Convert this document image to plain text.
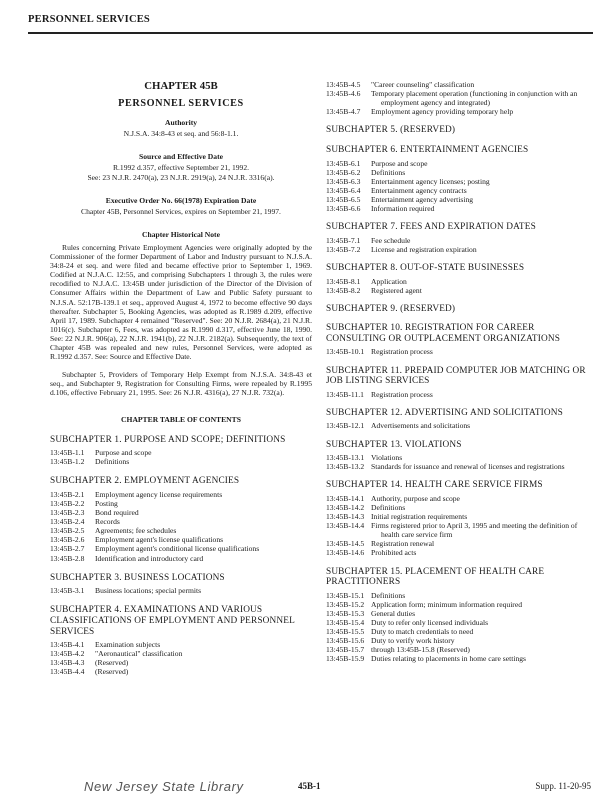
PERSONNEL SERVICES
CHAPTER 45B
PERSONNEL SERVICES
Authority
N.J.S.A. 34:8-43 et seq. and 56:8-1.1.
Source and Effective Date
R.1992 d.357, effective September 21, 1992.
See: 23 N.J.R. 2470(a), 23 N.J.R. 2919(a), 24 N.J.R. 3316(a).
Executive Order No. 66(1978) Expiration Date
Chapter 45B, Personnel Services, expires on September 21, 1997.
Chapter Historical Note

Rules concerning Private Employment Agencies were originally adopted by the Commissioner of the former Department of Labor and Industry pursuant to N.J.S.A. 34:8-24 et seq. and were filed and became effective prior to September 1, 1969. Codified at N.J.A.C. 12:55, and comprising Subchapters 1 through 3, the rules were recodified to N.J.A.C. 13:45B under jurisdiction of the Director of the Division of Consumer Affairs within the Department of Law and Public Safety pursuant to N.J.S.A. 52:17B-139.1 et seq., approved August 4, 1972 to become effective 90 days thereafter. Subchapter 5, Booking Agencies, was adopted as R.1989 d.209, effective April 17, 1989. Subchapter 4 remained "Reserved". See: 20 N.J.R. 2684(a), 21 N.J.R. 1016(c). Subchapter 6, Fees, was adopted as R.1990 d.317, effective June 18, 1990. See: 22 N.J.R. 906(a), 22 N.J.R. 1941(b), 22 N.J.R. 2182(a). Subsequently, the text of Chapter 45B was repealed and new rules, Personnel Services, were adopted as R.1992 d.357. See: Source and Effective Date.

Subchapter 5, Providers of Temporary Help Exempt from N.J.S.A. 34:8-43 et seq., and Subchapter 9, Registration for Consulting Firms, were repealed by R.1995 d.106, effective February 21, 1995. See: 26 N.J.R. 4316(a), 27 N.J.R. 732(a).

CHAPTER TABLE OF CONTENTS
SUBCHAPTER 1. PURPOSE AND SCOPE; DEFINITIONS
13:45B-1.1	Purpose and scope
13:45B-1.2	Definitions
SUBCHAPTER 2. EMPLOYMENT AGENCIES
13:45B-2.1	Employment agency license requirements
13:45B-2.2	Posting
13:45B-2.3	Bond required
13:45B-2.4	Records
13:45B-2.5	Agreements; fee schedules
13:45B-2.6	Employment agent's license qualifications
13:45B-2.7	Employment agent's conditional license qualifications
13:45B-2.8	Identification and introductory card
SUBCHAPTER 3. BUSINESS LOCATIONS
13:45B-3.1	Business locations; special permits
SUBCHAPTER 4. EXAMINATIONS AND VARIOUS CLASSIFICATIONS OF EMPLOYMENT AND PERSONNEL SERVICES
13:45B-4.1	Examination subjects
13:45B-4.2	"Aeronautical" classification
13:45B-4.3	(Reserved)
13:45B-4.4	(Reserved)
13:45B-4.5	"Career counseling" classification
13:45B-4.6	Temporary placement operation (functioning in conjunction with an employment agency and integrated)
13:45B-4.7	Employment agency providing temporary help
SUBCHAPTER 5. (RESERVED)
SUBCHAPTER 6. ENTERTAINMENT AGENCIES
13:45B-6.1	Purpose and scope
13:45B-6.2	Definitions
13:45B-6.3	Entertainment agency licenses; posting
13:45B-6.4	Entertainment agency contracts
13:45B-6.5	Entertainment agency advertising
13:45B-6.6	Information required
SUBCHAPTER 7. FEES AND EXPIRATION DATES
13:45B-7.1	Fee schedule
13:45B-7.2	License and registration expiration
SUBCHAPTER 8. OUT-OF-STATE BUSINESSES
13:45B-8.1	Application
13:45B-8.2	Registered agent
SUBCHAPTER 9. (RESERVED)
SUBCHAPTER 10. REGISTRATION FOR CAREER CONSULTING OR OUTPLACEMENT ORGANIZATIONS
13:45B-10.1 Registration process
SUBCHAPTER 11. PREPAID COMPUTER JOB MATCHING OR JOB LISTING SERVICES
13:45B-11.1 Registration process
SUBCHAPTER 12. ADVERTISING AND SOLICITATIONS
13:45B-12.1 Advertisements and solicitations
SUBCHAPTER 13. VIOLATIONS
13:45B-13.1 Violations
13:45B-13.2 Standards for issuance and renewal of licenses and registrations
SUBCHAPTER 14. HEALTH CARE SERVICE FIRMS
13:45B-14.1 Authority, purpose and scope
13:45B-14.2 Definitions
13:45B-14.3 Initial registration requirements
13:45B-14.4 Firms registered prior to April 3, 1995 and meeting the definition of health care service firm
13:45B-14.5 Registration renewal
13:45B-14.6 Prohibited acts
SUBCHAPTER 15. PLACEMENT OF HEALTH CARE PRACTITIONERS
13:45B-15.1 Definitions
13:45B-15.2 Application form; minimum information required
13:45B-15.3 General duties
13:45B-15.4 Duty to refer only licensed individuals
13:45B-15.5 Duty to match credentials to need
13:45B-15.6 Duty to verify work history
13:45B-15.7 through 13:45B-15.8 (Reserved)
13:45B-15.9 Duties relating to placements in home care settings
New Jersey State Library	45B-1	Supp. 11-20-95
